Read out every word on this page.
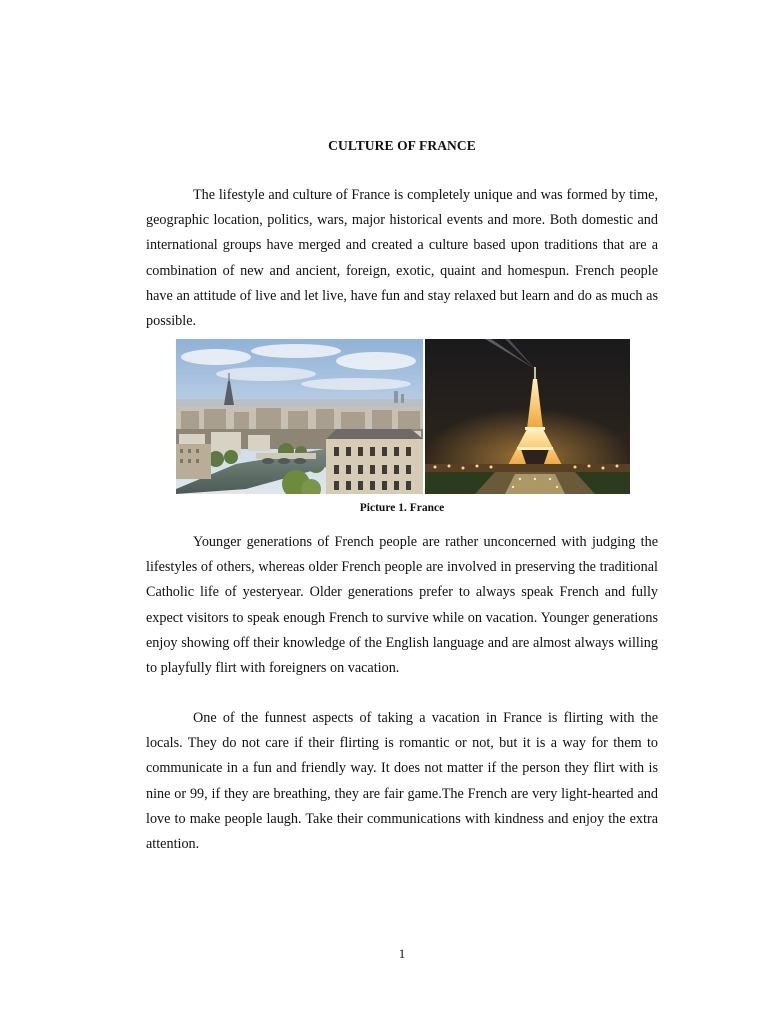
CULTURE OF FRANCE

The lifestyle and culture of France is completely unique and was formed by time, geographic location, politics, wars, major historical events and more. Both domestic and international groups have merged and created a culture based upon traditions that are a combination of new and ancient, foreign, exotic, quaint and homespun. French people have an attitude of live and let live, have fun and stay relaxed but learn and do as much as possible.

Picture 1. France

Younger generations of French people are rather unconcerned with judging the lifestyles of others, whereas older French people are involved in preserving the traditional Catholic life of yesteryear. Older generations prefer to always speak French and fully expect visitors to speak enough French to survive while on vacation. Younger generations enjoy showing off their knowledge of the English language and are almost always willing to playfully flirt with foreigners on vacation.

One of the funnest aspects of taking a vacation in France is flirting with the locals. They do not care if their flirting is romantic or not, but it is a way for them to communicate in a fun and friendly way. It does not matter if the person they flirt with is nine or 99, if they are breathing, they are fair game.The French are very light-hearted and love to make people laugh. Take their communications with kindness and enjoy the extra attention.

1
